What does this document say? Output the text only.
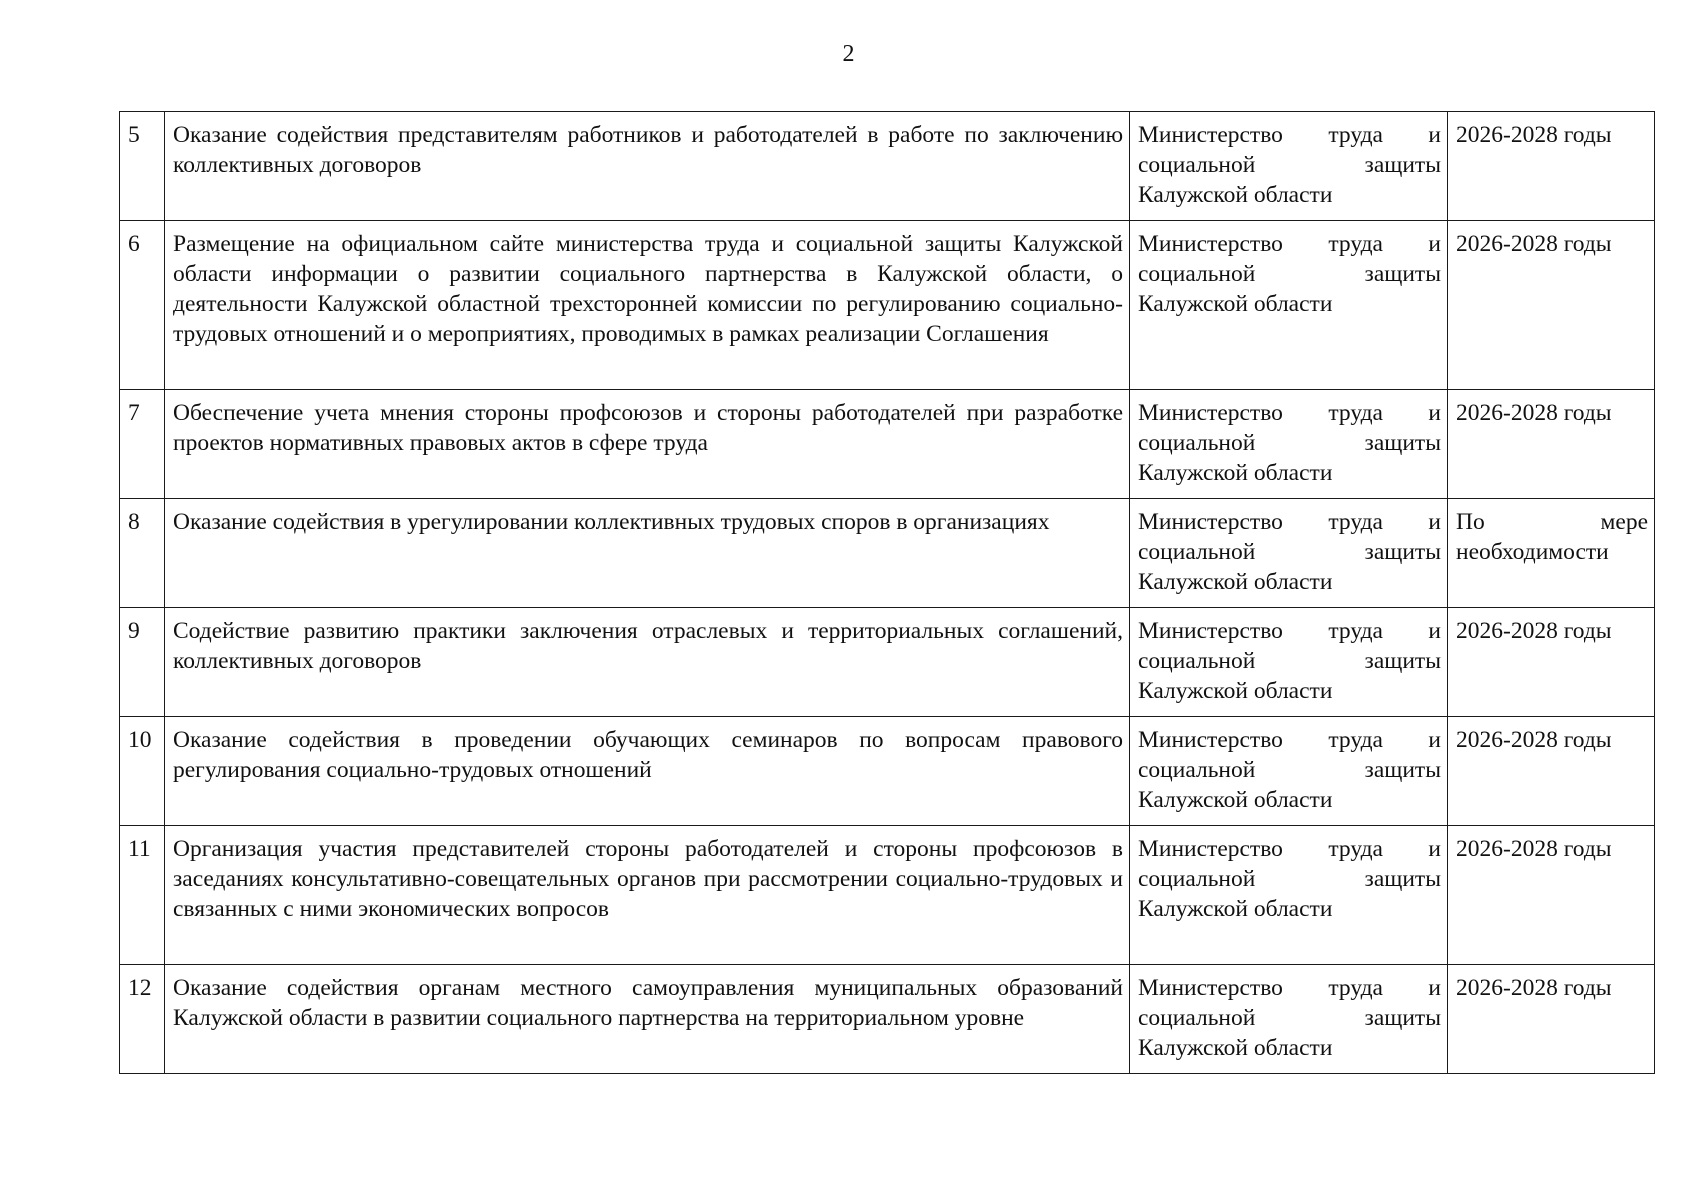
2
5	Оказание содействия представителям работников и работодателей в работе по заключению коллективных договоров	Министерство труда и социальной защиты Калужской области	2026-2028 годы
6	Размещение на официальном сайте министерства труда и социальной защиты Калужской области информации о развитии социального партнерства в Калужской области, о деятельности Калужской областной трехсторонней комиссии по регулированию социально-трудовых отношений и о мероприятиях, проводимых в рамках реализации Соглашения	Министерство труда и социальной защиты Калужской области	2026-2028 годы
7	Обеспечение учета мнения стороны профсоюзов и стороны работодателей при разработке проектов нормативных правовых актов в сфере труда	Министерство труда и социальной защиты Калужской области	2026-2028 годы
8	Оказание содействия в урегулировании коллективных трудовых споров в организациях	Министерство труда и социальной защиты Калужской области	По мере необходимости
9	Содействие развитию практики заключения отраслевых и территориальных соглашений, коллективных договоров	Министерство труда и социальной защиты Калужской области	2026-2028 годы
10	Оказание содействия в проведении обучающих семинаров по вопросам правового регулирования социально-трудовых отношений	Министерство труда и социальной защиты Калужской области	2026-2028 годы
11	Организация участия представителей стороны работодателей и стороны профсоюзов в заседаниях консультативно-совещательных органов при рассмотрении социально-трудовых и связанных с ними экономических вопросов	Министерство труда и социальной защиты Калужской области	2026-2028 годы
12	Оказание содействия органам местного самоуправления муниципальных образований Калужской области в развитии социального партнерства на территориальном уровне	Министерство труда и социальной защиты Калужской области	2026-2028 годы
